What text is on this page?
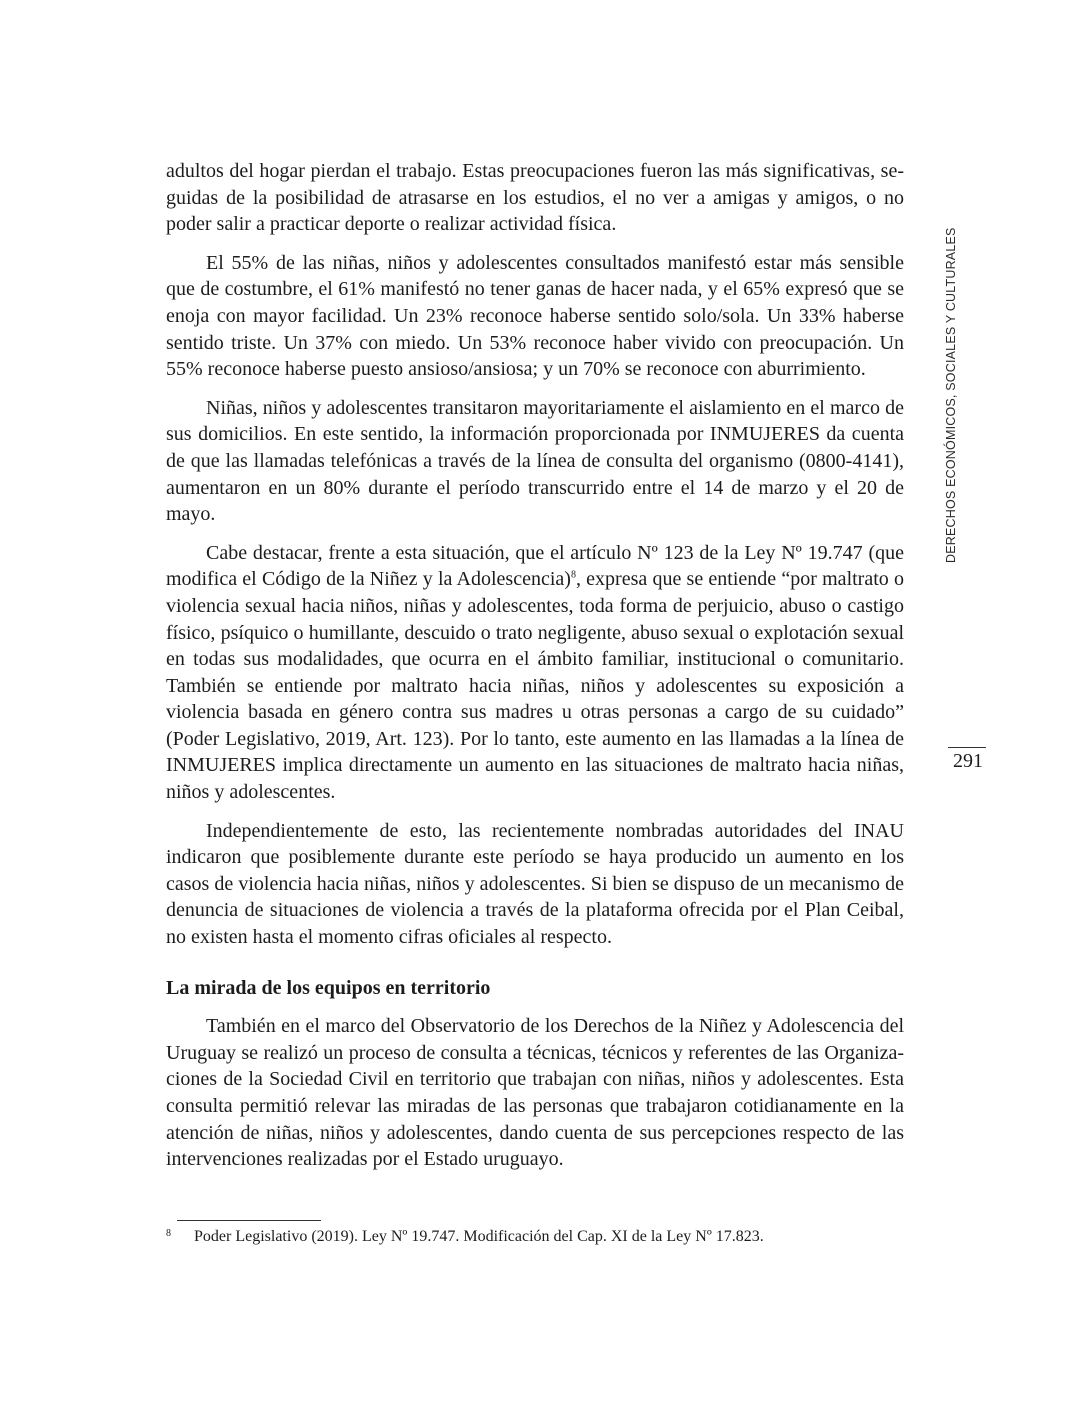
DERECHOS ECONÓMICOS, SOCIALES Y CULTURALES
291

adultos del hogar pierdan el trabajo. Estas preocupaciones fueron las más significativas, seguidas de la posibilidad de atrasarse en los estudios, el no ver a amigas y amigos, o no poder salir a practicar deporte o realizar actividad física.

El 55% de las niñas, niños y adolescentes consultados manifestó estar más sensible que de costumbre, el 61% manifestó no tener ganas de hacer nada, y el 65% expresó que se enoja con mayor facilidad. Un 23% reconoce haberse sentido solo/sola. Un 33% haberse sentido triste. Un 37% con miedo. Un 53% reconoce haber vivido con preocupación. Un 55% reconoce haberse puesto ansioso/ansiosa; y un 70% se reconoce con aburrimiento.

Niñas, niños y adolescentes transitaron mayoritariamente el aislamiento en el marco de sus domicilios. En este sentido, la información proporcionada por INMUJERES da cuenta de que las llamadas telefónicas a través de la línea de consulta del organismo (0800-4141), aumentaron en un 80% durante el período transcurrido entre el 14 de marzo y el 20 de mayo.

Cabe destacar, frente a esta situación, que el artículo Nº 123 de la Ley Nº 19.747 (que modifica el Código de la Niñez y la Adolescencia)$^8$, expresa que se entiende “por maltrato o violencia sexual hacia niños, niñas y adolescentes, toda forma de perjuicio, abuso o castigo físico, psíquico o humillante, descuido o trato negligente, abuso sexual o explotación sexual en todas sus modalidades, que ocurra en el ámbito familiar, institucional o comunitario. También se entiende por maltrato hacia niñas, niños y adolescentes su exposición a violencia basada en género contra sus madres u otras personas a cargo de su cuidado” (Poder Legislativo, 2019, Art. 123). Por lo tanto, este aumento en las llamadas a la línea de INMUJERES implica directamente un aumento en las situaciones de maltrato hacia niñas, niños y adolescentes.

Independientemente de esto, las recientemente nombradas autoridades del INAU indicaron que posiblemente durante este período se haya producido un aumento en los casos de violencia hacia niñas, niños y adolescentes. Si bien se dispuso de un mecanismo de denuncia de situaciones de violencia a través de la plataforma ofrecida por el Plan Ceibal, no existen hasta el momento cifras oficiales al respecto.

La mirada de los equipos en territorio

También en el marco del Observatorio de los Derechos de la Niñez y Adolescencia del Uruguay se realizó un proceso de consulta a técnicas, técnicos y referentes de las Organizaciones de la Sociedad Civil en territorio que trabajan con niñas, niños y adolescentes. Esta consulta permitió relevar las miradas de las personas que trabajaron cotidianamente en la atención de niñas, niños y adolescentes, dando cuenta de sus percepciones respecto de las intervenciones realizadas por el Estado uruguayo.

8 Poder Legislativo (2019). Ley Nº 19.747. Modificación del Cap. XI de la Ley Nº 17.823.
